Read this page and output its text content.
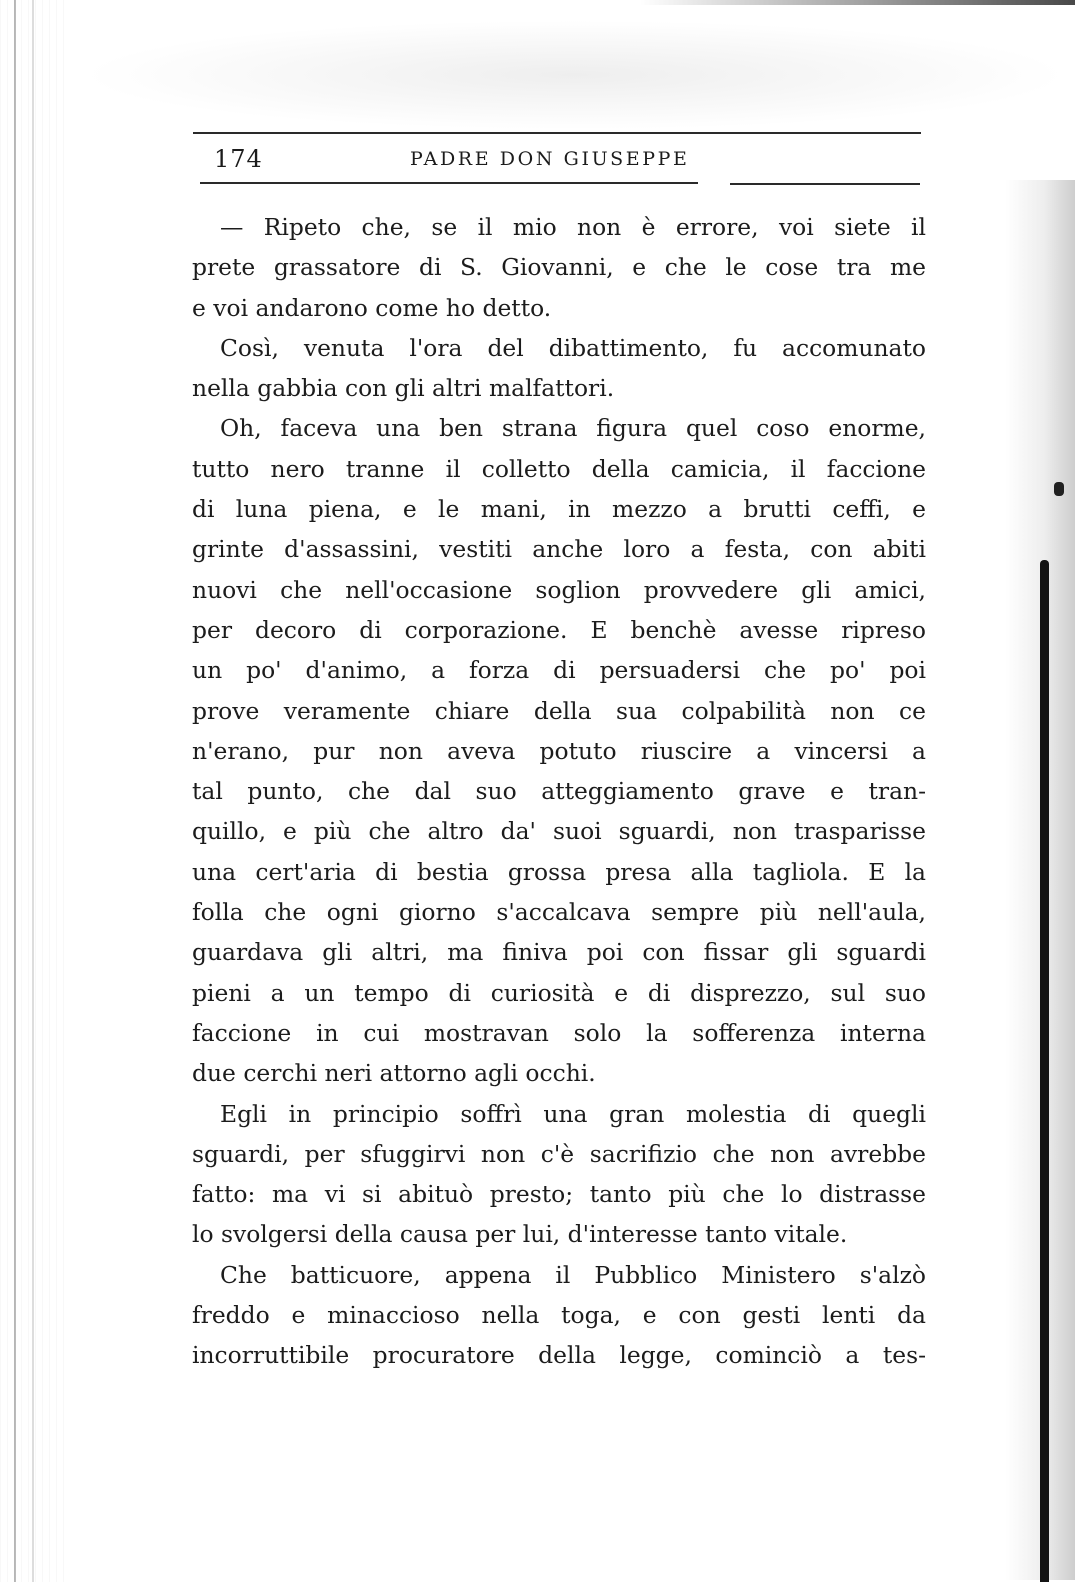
174	PADRE DON GIUSEPPE
— Ripeto che, se il mio non è errore, voi siete il
prete grassatore di S. Giovanni, e che le cose tra me
e voi andarono come ho detto.
Così, venuta l'ora del dibattimento, fu accomunato
nella gabbia con gli altri malfattori.
Oh, faceva una ben strana figura quel coso enorme,
tutto nero tranne il colletto della camicia, il faccione
di luna piena, e le mani, in mezzo a brutti ceffi, e
grinte d'assassini, vestiti anche loro a festa, con abiti
nuovi che nell'occasione soglion provvedere gli amici,
per decoro di corporazione. E benchè avesse ripreso
un po' d'animo, a forza di persuadersi che po' poi
prove veramente chiare della sua colpabilità non ce
n'erano, pur non aveva potuto riuscire a vincersi a
tal punto, che dal suo atteggiamento grave e tran-
quillo, e più che altro da' suoi sguardi, non trasparisse
una cert'aria di bestia grossa presa alla tagliola. E la
folla che ogni giorno s'accalcava sempre più nell'aula,
guardava gli altri, ma finiva poi con fissar gli sguardi
pieni a un tempo di curiosità e di disprezzo, sul suo
faccione in cui mostravan solo la sofferenza interna
due cerchi neri attorno agli occhi.
Egli in principio soffrì una gran molestia di quegli
sguardi, per sfuggirvi non c'è sacrifizio che non avrebbe
fatto: ma vi si abituò presto; tanto più che lo distrasse
lo svolgersi della causa per lui, d'interesse tanto vitale.
Che batticuore, appena il Pubblico Ministero s'alzò
freddo e minaccioso nella toga, e con gesti lenti da
incorruttibile procuratore della legge, cominciò a tes-
